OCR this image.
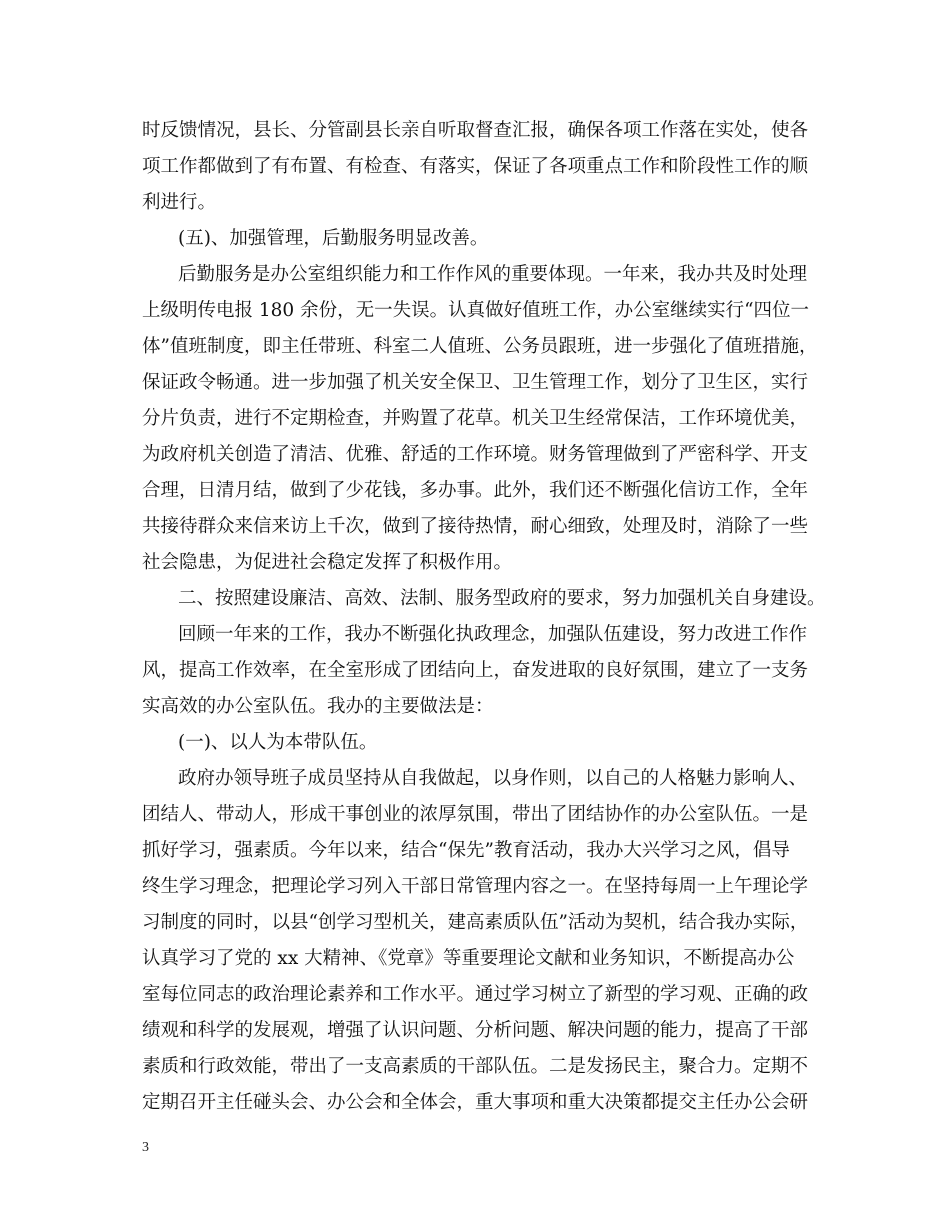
时反馈情况，县长、分管副县长亲自听取督查汇报，确保各项工作落在实处，使各
项工作都做到了有布置、有检查、有落实，保证了各项重点工作和阶段性工作的顺
利进行。
(五)、加强管理，后勤服务明显改善。
后勤服务是办公室组织能力和工作作风的重要体现。一年来，我办共及时处理
上级明传电报 180 余份，无一失误。认真做好值班工作，办公室继续实行“四位一
体”值班制度，即主任带班、科室二人值班、公务员跟班，进一步强化了值班措施，
保证政令畅通。进一步加强了机关安全保卫、卫生管理工作，划分了卫生区，实行
分片负责，进行不定期检查，并购置了花草。机关卫生经常保洁，工作环境优美，
为政府机关创造了清洁、优雅、舒适的工作环境。财务管理做到了严密科学、开支
合理，日清月结，做到了少花钱，多办事。此外，我们还不断强化信访工作，全年
共接待群众来信来访上千次，做到了接待热情，耐心细致，处理及时，消除了一些
社会隐患，为促进社会稳定发挥了积极作用。
二、按照建设廉洁、高效、法制、服务型政府的要求，努力加强机关自身建设。
回顾一年来的工作，我办不断强化执政理念，加强队伍建设，努力改进工作作
风，提高工作效率，在全室形成了团结向上，奋发进取的良好氛围，建立了一支务
实高效的办公室队伍。我办的主要做法是：
(一)、以人为本带队伍。
政府办领导班子成员坚持从自我做起，以身作则，以自己的人格魅力影响人、
团结人、带动人，形成干事创业的浓厚氛围，带出了团结协作的办公室队伍。一是
抓好学习，强素质。今年以来，结合“保先”教育活动，我办大兴学习之风，倡导
终生学习理念，把理论学习列入干部日常管理内容之一。在坚持每周一上午理论学
习制度的同时，以县“创学习型机关，建高素质队伍”活动为契机，结合我办实际，
认真学习了党的 xx 大精神、《党章》等重要理论文献和业务知识，不断提高办公
室每位同志的政治理论素养和工作水平。通过学习树立了新型的学习观、正确的政
绩观和科学的发展观，增强了认识问题、分析问题、解决问题的能力，提高了干部
素质和行政效能，带出了一支高素质的干部队伍。二是发扬民主，聚合力。定期不
定期召开主任碰头会、办公会和全体会，重大事项和重大决策都提交主任办公会研
3
